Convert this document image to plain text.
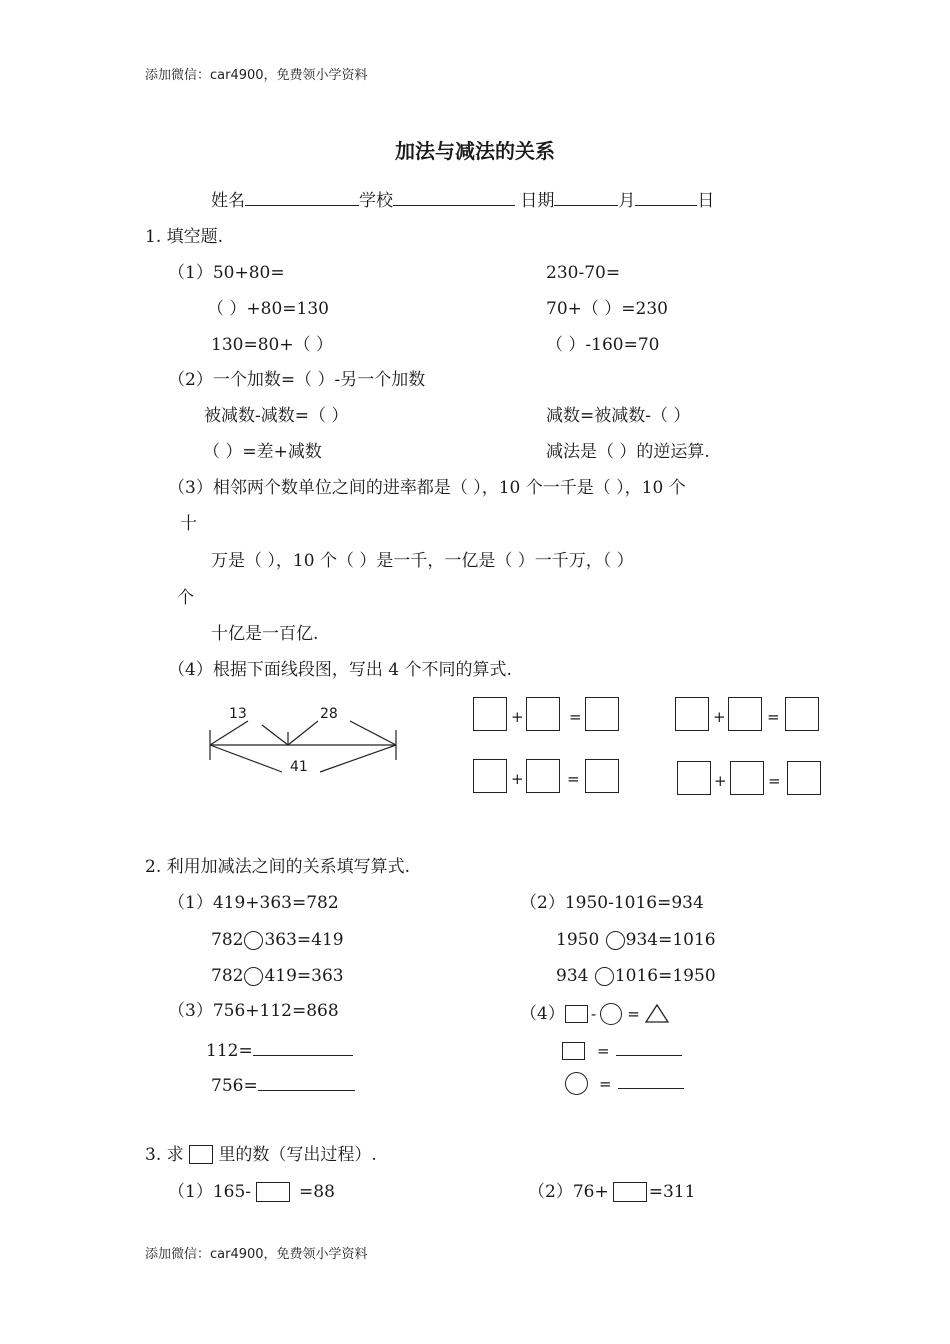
添加微信：car4900，免费领小学资料
添加微信：car4900，免费领小学资料
加法与减法的关系
姓名	学校	日期	月	日
1. 填空题.
（1）50+80=	230-70=
（ ）+80=130	70+（ ）=230
130=80+（ ）	（ ）-160=70
（2）一个加数=（ ）-另一个加数
被减数-减数=（ ）	减数=被减数-（ ）
（ ）=差+减数	减法是（ ）的逆运算.
（3）相邻两个数单位之间的进率都是（ ），10 个一千是（ ），10 个
十
万是（ ），10 个（ ）是一千，一亿是（ ）一千万，（ ）
个
十亿是一百亿.
（4）根据下面线段图，写出 4 个不同的算式.
13	28
41
+	=	+	=
+	=	+	=
2. 利用加减法之间的关系填写算式.
（1）419+363=782	（2）1950-1016=934
782 363=419	1950 934=1016
782 419=363	934 1016=1950
（3）756+112=868	（4） - =
112=	=
756=	=
3. 求 里的数（写出过程）.
（1）165-	=88	（2）76+ =311
